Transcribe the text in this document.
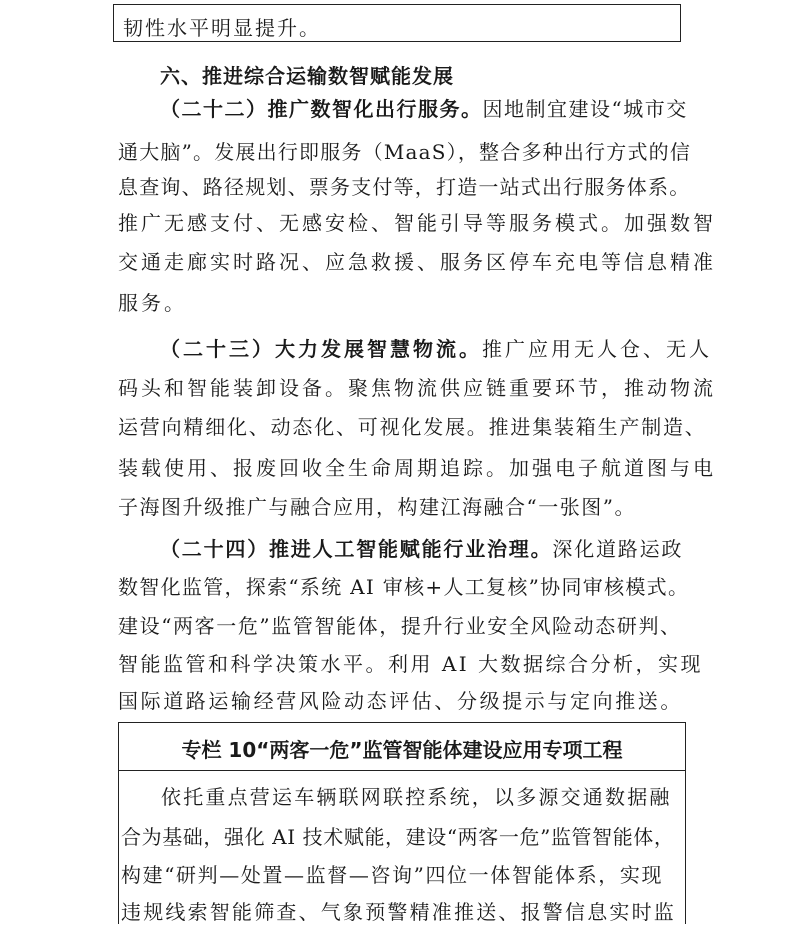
韧性水平明显提升。
六、推进综合运输数智赋能发展
（二十二）推广数智化出行服务。因地制宜建设“城市交
通大脑”。发展出行即服务（MaaS），整合多种出行方式的信
息查询、路径规划、票务支付等，打造一站式出行服务体系。
推广无感支付、无感安检、智能引导等服务模式。加强数智
交通走廊实时路况、应急救援、服务区停车充电等信息精准
服务。
（二十三）大力发展智慧物流。推广应用无人仓、无人
码头和智能装卸设备。聚焦物流供应链重要环节，推动物流
运营向精细化、动态化、可视化发展。推进集装箱生产制造、
装载使用、报废回收全生命周期追踪。加强电子航道图与电
子海图升级推广与融合应用，构建江海融合“一张图”。
（二十四）推进人工智能赋能行业治理。深化道路运政
数智化监管，探索“系统 AI 审核+人工复核”协同审核模式。
建设“两客一危”监管智能体，提升行业安全风险动态研判、
智能监管和科学决策水平。利用 AI 大数据综合分析，实现
国际道路运输经营风险动态评估、分级提示与定向推送。
专栏 10“两客一危”监管智能体建设应用专项工程
依托重点营运车辆联网联控系统，以多源交通数据融
合为基础，强化 AI 技术赋能，建设“两客一危”监管智能体，
构建“研判—处置—监督—咨询”四位一体智能体系，实现
违规线索智能筛查、气象预警精准推送、报警信息实时监
